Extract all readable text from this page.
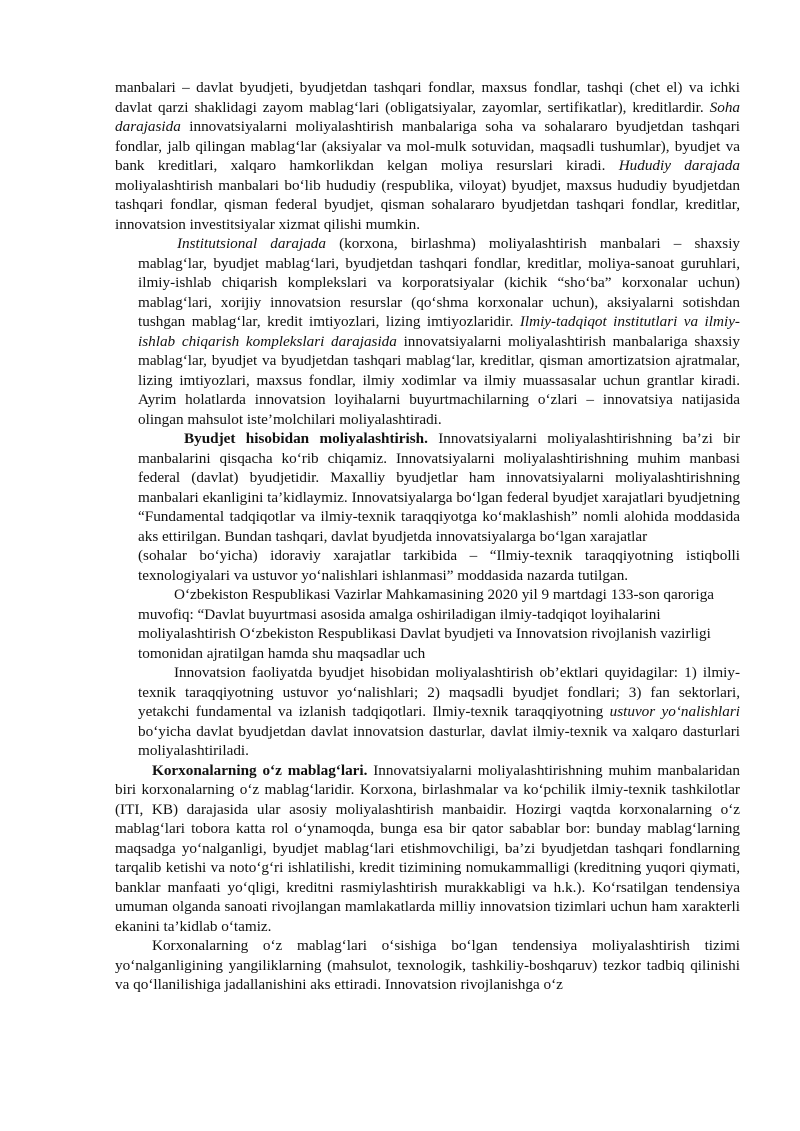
manbalari – davlat byudjeti, byudjetdan tashqari fondlar, maxsus fondlar, tashqi (chet el) va ichki davlat qarzi shaklidagi zayom mablag‘lari (obligatsiyalar, zayomlar, sertifikatlar), kreditlardir. Soha darajasida innovatsiyalarni moliyalashtirish manbalariga soha va sohalararo byudjetdan tashqari fondlar, jalb qilingan mablag‘lar (aksiyalar va mol-mulk sotuvidan, maqsadli tushumlar), byudjet va bank kreditlari, xalqaro hamkorlikdan kelgan moliya resurslari kiradi. Hududiy darajada moliyalashtirish manbalari bo‘lib hududiy (respublika, viloyat) byudjet, maxsus hududiy byudjetdan tashqari fondlar, qisman federal byudjet, qisman sohalararo byudjetdan tashqari fondlar, kreditlar, innovatsion investitsiyalar xizmat qilishi mumkin.

Institutsional darajada (korxona, birlashma) moliyalashtirish manbalari – shaxsiy mablag‘lar, byudjet mablag‘lari, byudjetdan tashqari fondlar, kreditlar, moliya-sanoat guruhlari, ilmiy-ishlab chiqarish komplekslari va korporatsiyalar (kichik “sho‘ba” korxonalar uchun) mablag‘lari, xorijiy innovatsion resurslar (qo‘shma korxonalar uchun), aksiyalarni sotishdan tushgan mablag‘lar, kredit imtiyozlari, lizing imtiyozlaridir. Ilmiy-tadqiqot institutlari va ilmiy-ishlab chiqarish komplekslari darajasida innovatsiyalarni moliyalashtirish manbalariga shaxsiy mablag‘lar, byudjet va byudjetdan tashqari mablag‘lar, kreditlar, qisman amortizatsion ajratmalar, lizing imtiyozlari, maxsus fondlar, ilmiy xodimlar va ilmiy muassasalar uchun grantlar kiradi. Ayrim holatlarda innovatsion loyihalarni buyurtmachilarning o‘zlari – innovatsiya natijasida olingan mahsulot iste’molchilari moliyalashtiradi.

Byudjet hisobidan moliyalashtirish. Innovatsiyalarni moliyalashtirishning ba’zi bir manbalarini qisqacha ko‘rib chiqamiz. Innovatsiyalarni moliyalashtirishning muhim manbasi federal (davlat) byudjetidir. Maxalliy byudjetlar ham innovatsiyalarni moliyalashtirishning manbalari ekanligini ta’kidlaymiz. Innovatsiyalarga bo‘lgan federal byudjet xarajatlari byudjetning “Fundamental tadqiqotlar va ilmiy-texnik taraqqiyotga ko‘maklashish” nomli alohida moddasida aks ettirilgan. Bundan tashqari, davlat byudjetda innovatsiyalarga bo‘lgan xarajatlar

(sohalar bo‘yicha) idoraviy xarajatlar tarkibida – “Ilmiy-texnik taraqqiyotning istiqbolli texnologiyalari va ustuvor yo‘nalishlari ishlanmasi” moddasida nazarda tutilgan.

O‘zbekiston Respublikasi Vazirlar Mahkamasining 2020 yil 9 martdagi 133-son qaroriga muvofiq: “Davlat buyurtmasi asosida amalga oshiriladigan ilmiy-tadqiqot loyihalarini moliyalashtirish O‘zbekiston Respublikasi Davlat byudjeti va Innovatsion rivojlanish vazirligi tomonidan ajratilgan hamda shu maqsadlar uch

Innovatsion faoliyatda byudjet hisobidan moliyalashtirish ob’ektlari quyidagilar: 1) ilmiy-texnik taraqqiyotning ustuvor yo‘nalishlari; 2) maqsadli byudjet fondlari; 3) fan sektorlari, yetakchi fundamental va izlanish tadqiqotlari. Ilmiy-texnik taraqqiyotning ustuvor yo‘nalishlari bo‘yicha davlat byudjetdan davlat innovatsion dasturlar, davlat ilmiy-texnik va xalqaro dasturlari moliyalashtiriladi.

Korxonalarning o‘z mablag‘lari. Innovatsiyalarni moliyalashtirishning muhim manbalaridan biri korxonalarning o‘z mablag‘laridir. Korxona, birlashmalar va ko‘pchilik ilmiy-texnik tashkilotlar (ITI, KB) darajasida ular asosiy moliyalashtirish manbaidir. Hozirgi vaqtda korxonalarning o‘z mablag‘lari tobora katta rol o‘ynamoqda, bunga esa bir qator sabablar bor: bunday mablag‘larning maqsadga yo‘nalganligi, byudjet mablag‘lari etishmovchiligi, ba’zi byudjetdan tashqari fondlarning tarqalib ketishi va noto‘g‘ri ishlatilishi, kredit tizimining nomukammalligi (kreditning yuqori qiymati, banklar manfaati yo‘qligi, kreditni rasmiylashtirish murakkabligi va h.k.). Ko‘rsatilgan tendensiya umuman olganda sanoati rivojlangan mamlakatlarda milliy innovatsion tizimlari uchun ham xarakterli ekanini ta’kidlab o‘tamiz.

Korxonalarning o‘z mablag‘lari o‘sishiga bo‘lgan tendensiya moliyalashtirish tizimi yo‘nalganligining yangiliklarning (mahsulot, texnologik, tashkiliy-boshqaruv) tezkor tadbiq qilinishi va qo‘llanilishiga jadallanishini aks ettiradi. Innovatsion rivojlanishga o‘z
